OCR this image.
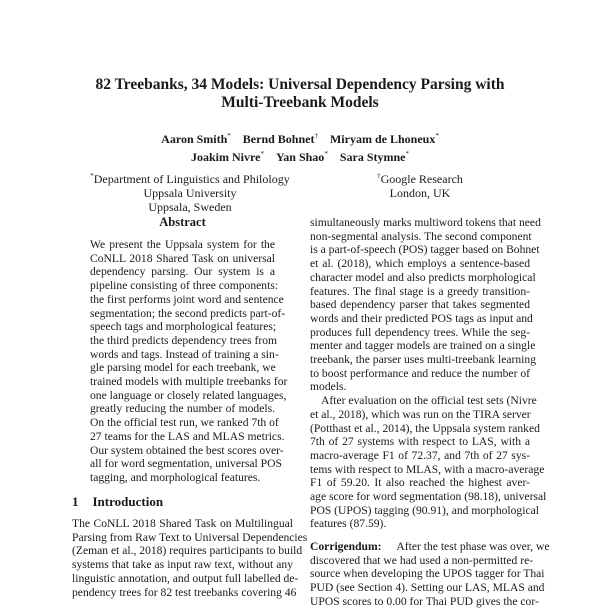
82 Treebanks, 34 Models: Universal Dependency Parsing with
Multi-Treebank Models
Aaron Smith* Bernd Bohnet† Miryam de Lhoneux*
Joakim Nivre* Yan Shao* Sara Stymne*
*Department of Linguistics and Philology
Uppsala University
Uppsala, Sweden
†Google Research
London, UK
Abstract
We present the Uppsala system for the
CoNLL 2018 Shared Task on universal
dependency parsing. Our system is a
pipeline consisting of three components:
the first performs joint word and sentence
segmentation; the second predicts part-of-
speech tags and morphological features;
the third predicts dependency trees from
words and tags. Instead of training a sin-
gle parsing model for each treebank, we
trained models with multiple treebanks for
one language or closely related languages,
greatly reducing the number of models.
On the official test run, we ranked 7th of
27 teams for the LAS and MLAS metrics.
Our system obtained the best scores over-
all for word segmentation, universal POS
tagging, and morphological features.
1 Introduction
The CoNLL 2018 Shared Task on Multilingual
Parsing from Raw Text to Universal Dependencies
(Zeman et al., 2018) requires participants to build
systems that take as input raw text, without any
linguistic annotation, and output full labelled de-
pendency trees for 82 test treebanks covering 46
simultaneously marks multiword tokens that need
non-segmental analysis. The second component
is a part-of-speech (POS) tagger based on Bohnet
et al. (2018), which employs a sentence-based
character model and also predicts morphological
features. The final stage is a greedy transition-
based dependency parser that takes segmented
words and their predicted POS tags as input and
produces full dependency trees. While the seg-
menter and tagger models are trained on a single
treebank, the parser uses multi-treebank learning
to boost performance and reduce the number of
models.
After evaluation on the official test sets (Nivre
et al., 2018), which was run on the TIRA server
(Potthast et al., 2014), the Uppsala system ranked
7th of 27 systems with respect to LAS, with a
macro-average F1 of 72.37, and 7th of 27 sys-
tems with respect to MLAS, with a macro-average
F1 of 59.20. It also reached the highest aver-
age score for word segmentation (98.18), universal
POS (UPOS) tagging (90.91), and morphological
features (87.59).
Corrigendum: After the test phase was over, we
discovered that we had used a non-permitted re-
source when developing the UPOS tagger for Thai
PUD (see Section 4). Setting our LAS, MLAS and
UPOS scores to 0.00 for Thai PUD gives the cor-
